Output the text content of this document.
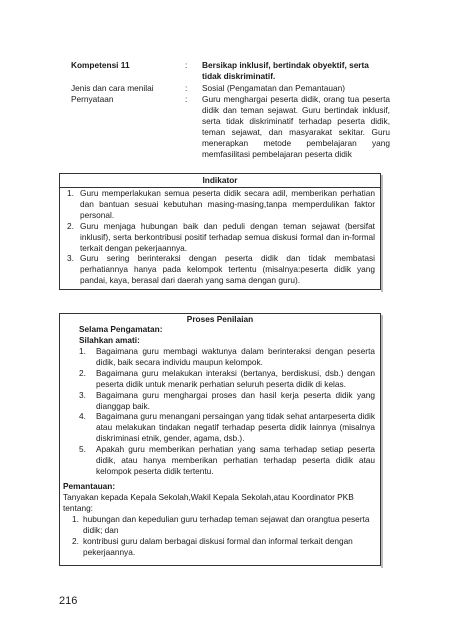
Kompetensi 11	:	Bersikap inklusif, bertindak obyektif, serta tidak diskriminatif.
Jenis dan cara menilai	:	Sosial (Pengamatan dan Pemantauan)
Pernyataan	:	Guru menghargai peserta didik, orang tua peserta didik dan teman sejawat. Guru bertindak inklusif, serta tidak diskriminatif terhadap peserta didik, teman sejawat, dan masyarakat sekitar. Guru menerapkan metode pembelajaran yang memfasilitasi pembelajaran peserta didik
Indikator
1. Guru memperlakukan semua peserta didik secara adil, memberikan perhatian dan bantuan sesuai kebutuhan masing-masing,tanpa memperdulikan faktor personal.
2. Guru menjaga hubungan baik dan peduli dengan teman sejawat (bersifat inklusif), serta berkontribusi positif terhadap semua diskusi formal dan in-formal terkait dengan pekerjaannya.
3. Guru sering berinteraksi dengan peserta didik dan tidak membatasi perhatiannya hanya pada kelompok tertentu (misalnya:peserta didik yang pandai, kaya, berasal dari daerah yang sama dengan guru).
Proses Penilaian
Selama Pengamatan:
Silahkan amati:
1. Bagaimana guru membagi waktunya dalam berinteraksi dengan peserta didik, baik secara individu maupun kelompok.
2. Bagaimana guru melakukan interaksi (bertanya, berdiskusi, dsb.) dengan peserta didik untuk menarik perhatian seluruh peserta didik di kelas.
3. Bagaimana guru menghargai proses dan hasil kerja peserta didik yang dianggap baik.
4. Bagaimana guru menangani persaingan yang tidak sehat antarpeserta didik atau melakukan tindakan negatif terhadap peserta didik lainnya (misalnya diskriminasi etnik, gender, agama, dsb.).
5. Apakah guru memberikan perhatian yang sama terhadap setiap peserta didik, atau hanya memberikan perhatian terhadap peserta didik atau kelompok peserta didik tertentu.
Pemantauan:
Tanyakan kepada Kepala Sekolah,Wakil Kepala Sekolah,atau Koordinator PKB tentang:
1. hubungan dan kepedulian guru terhadap teman sejawat dan orangtua peserta didik; dan
2. kontribusi guru dalam berbagai diskusi formal dan informal terkait dengan pekerjaannya.
216
